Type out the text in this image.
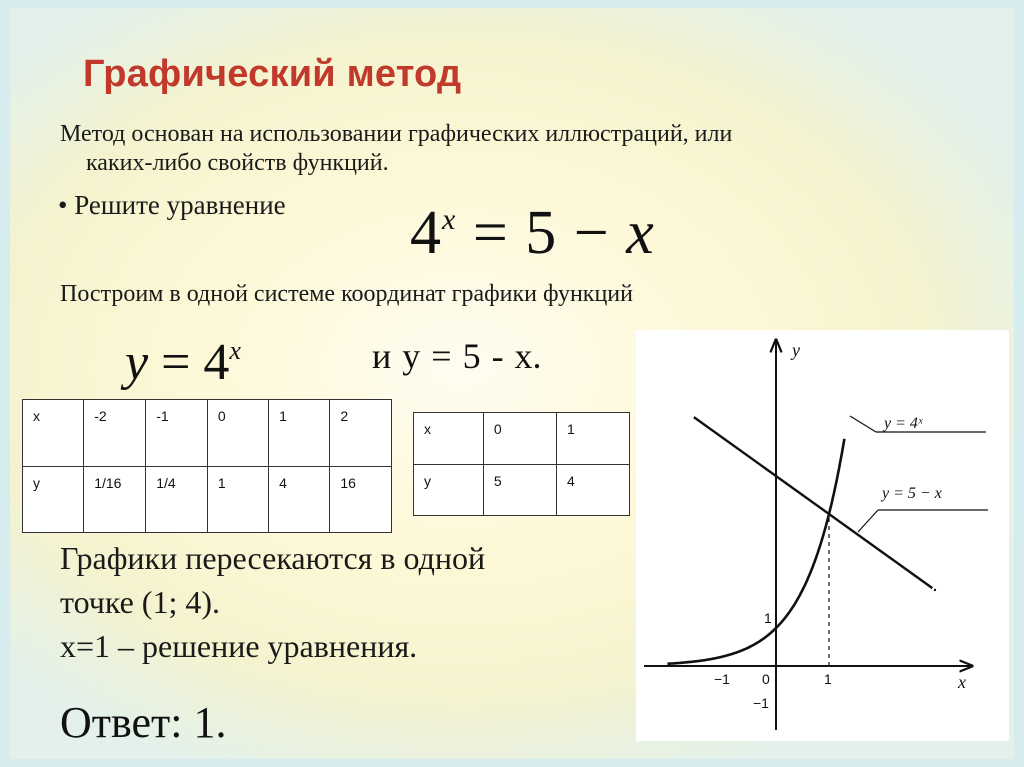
Графический метод
Метод основан на использовании графических иллюстраций, или
каких-либо свойств функций.
• Решите уравнение $4^x = 5 - x$
Построим в одной системе координат графики функций
$y = 4^x$	и y = 5 - x.
x	-2	-1	0	1	2
y	1/16	1/4	1	4	16
x	0	1
y	5	4
Графики пересекаются в одной
точке (1; 4).
x=1 – решение уравнения.
Ответ: 1.
y = 4ˣ
y = 5 − x
y
x
−1 0	1
1
−1
